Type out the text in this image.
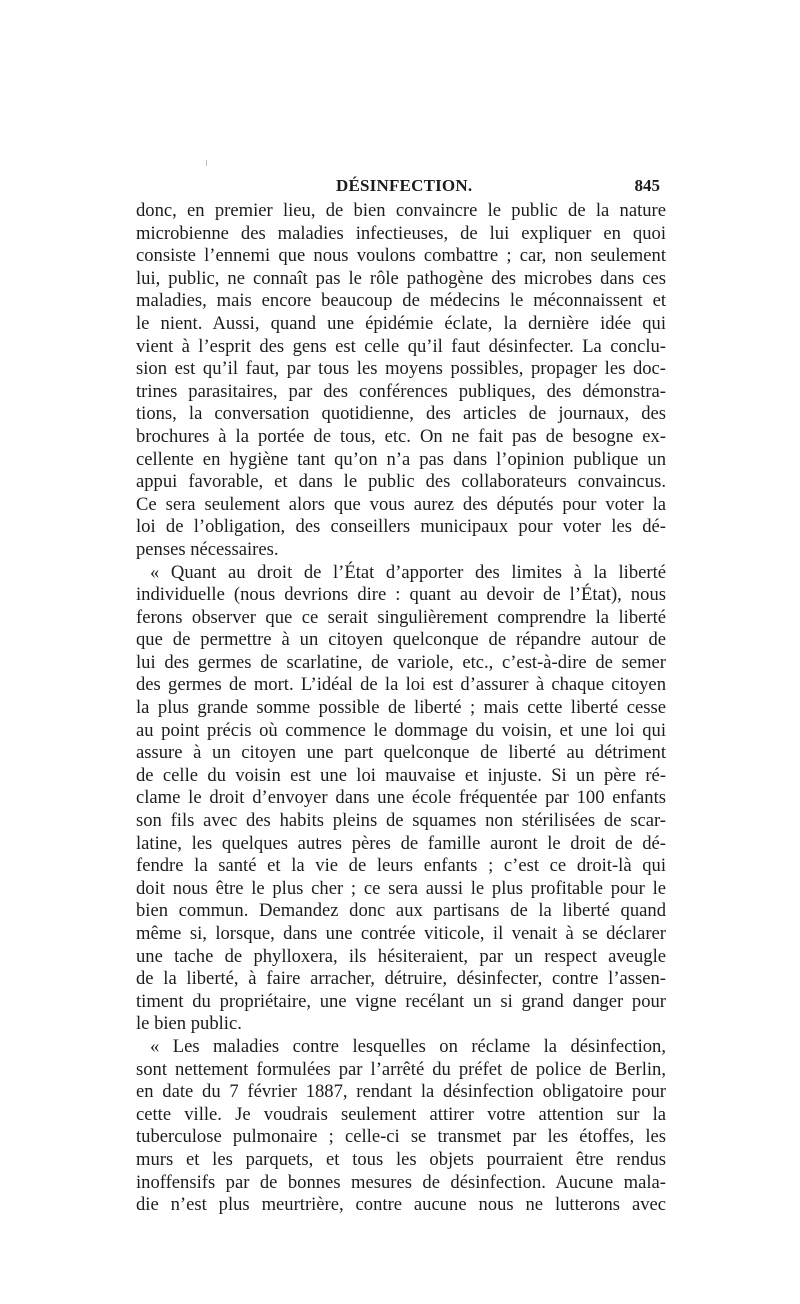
DÉSINFECTION.	845
donc, en premier lieu, de bien convaincre le public de la nature
microbienne des maladies infectieuses, de lui expliquer en quoi
consiste l’ennemi que nous voulons combattre ; car, non seulement
lui, public, ne connaît pas le rôle pathogène des microbes dans ces
maladies, mais encore beaucoup de médecins le méconnaissent et
le nient. Aussi, quand une épidémie éclate, la dernière idée qui
vient à l’esprit des gens est celle qu’il faut désinfecter. La conclu-
sion est qu’il faut, par tous les moyens possibles, propager les doc-
trines parasitaires, par des conférences publiques, des démonstra-
tions, la conversation quotidienne, des articles de journaux, des
brochures à la portée de tous, etc. On ne fait pas de besogne ex-
cellente en hygiène tant qu’on n’a pas dans l’opinion publique un
appui favorable, et dans le public des collaborateurs convaincus.
Ce sera seulement alors que vous aurez des députés pour voter la
loi de l’obligation, des conseillers municipaux pour voter les dé-
penses nécessaires.
« Quant au droit de l’État d’apporter des limites à la liberté
individuelle (nous devrions dire : quant au devoir de l’État), nous
ferons observer que ce serait singulièrement comprendre la liberté
que de permettre à un citoyen quelconque de répandre autour de
lui des germes de scarlatine, de variole, etc., c’est-à-dire de semer
des germes de mort. L’idéal de la loi est d’assurer à chaque citoyen
la plus grande somme possible de liberté ; mais cette liberté cesse
au point précis où commence le dommage du voisin, et une loi qui
assure à un citoyen une part quelconque de liberté au détriment
de celle du voisin est une loi mauvaise et injuste. Si un père ré-
clame le droit d’envoyer dans une école fréquentée par 100 enfants
son fils avec des habits pleins de squames non stérilisées de scar-
latine, les quelques autres pères de famille auront le droit de dé-
fendre la santé et la vie de leurs enfants ; c’est ce droit-là qui
doit nous être le plus cher ; ce sera aussi le plus profitable pour le
bien commun. Demandez donc aux partisans de la liberté quand
même si, lorsque, dans une contrée viticole, il venait à se déclarer
une tache de phylloxera, ils hésiteraient, par un respect aveugle
de la liberté, à faire arracher, détruire, désinfecter, contre l’assen-
timent du propriétaire, une vigne recélant un si grand danger pour
le bien public.
« Les maladies contre lesquelles on réclame la désinfection,
sont nettement formulées par l’arrêté du préfet de police de Berlin,
en date du 7 février 1887, rendant la désinfection obligatoire pour
cette ville. Je voudrais seulement attirer votre attention sur la
tuberculose pulmonaire ; celle-ci se transmet par les étoffes, les
murs et les parquets, et tous les objets pourraient être rendus
inoffensifs par de bonnes mesures de désinfection. Aucune mala-
die n’est plus meurtrière, contre aucune nous ne lutterons avec
